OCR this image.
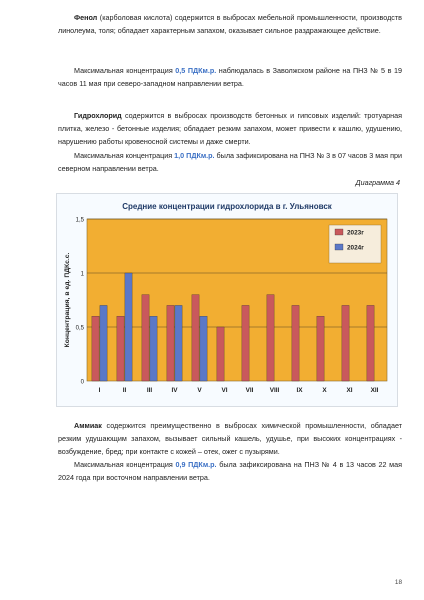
Фенол (карболовая кислота) содержится в выбросах мебельной промышленности, производств линолеума, толя; обладает характерным запахом, оказывает сильное раздражающее действие.

Максимальная концентрация 0,5 ПДКм.р. наблюдалась в Заволжском районе на ПНЗ № 5 в 19 часов 11 мая при северо-западном направлении ветра.

Гидрохлорид содержится в выбросах производств бетонных и гипсовых изделий: тротуарная плитка, железо - бетонные изделия; обладает резким запахом, может привести к кашлю, удушению, нарушению работы кровеносной системы и даже смерти.

Максимальная концентрация 1,0 ПДКм.р. была зафиксирована на ПНЗ № 3 в 07 часов 3 мая при северном направлении ветра.

Диаграмма 4
Средние концентрации гидрохлорида в г. Ульяновск
0
0,5
1
1,5
Концентрация, в ед. ПДКс.с.
I	II	III	IV	V	VI	VII	VIII	IX	X	XI	XII
2023г
2024г

Аммиак содержится преимущественно в выбросах химической промышленности, обладает резким удушающим запахом, вызывает сильный кашель, удушье, при высоких концентрациях - возбуждение, бред; при контакте с кожей – отек, ожег с пузырями.

Максимальная концентрация 0,9 ПДКм.р. была зафиксирована на ПНЗ № 4 в 13 часов 22 мая 2024 года при восточном направлении ветра.

18
